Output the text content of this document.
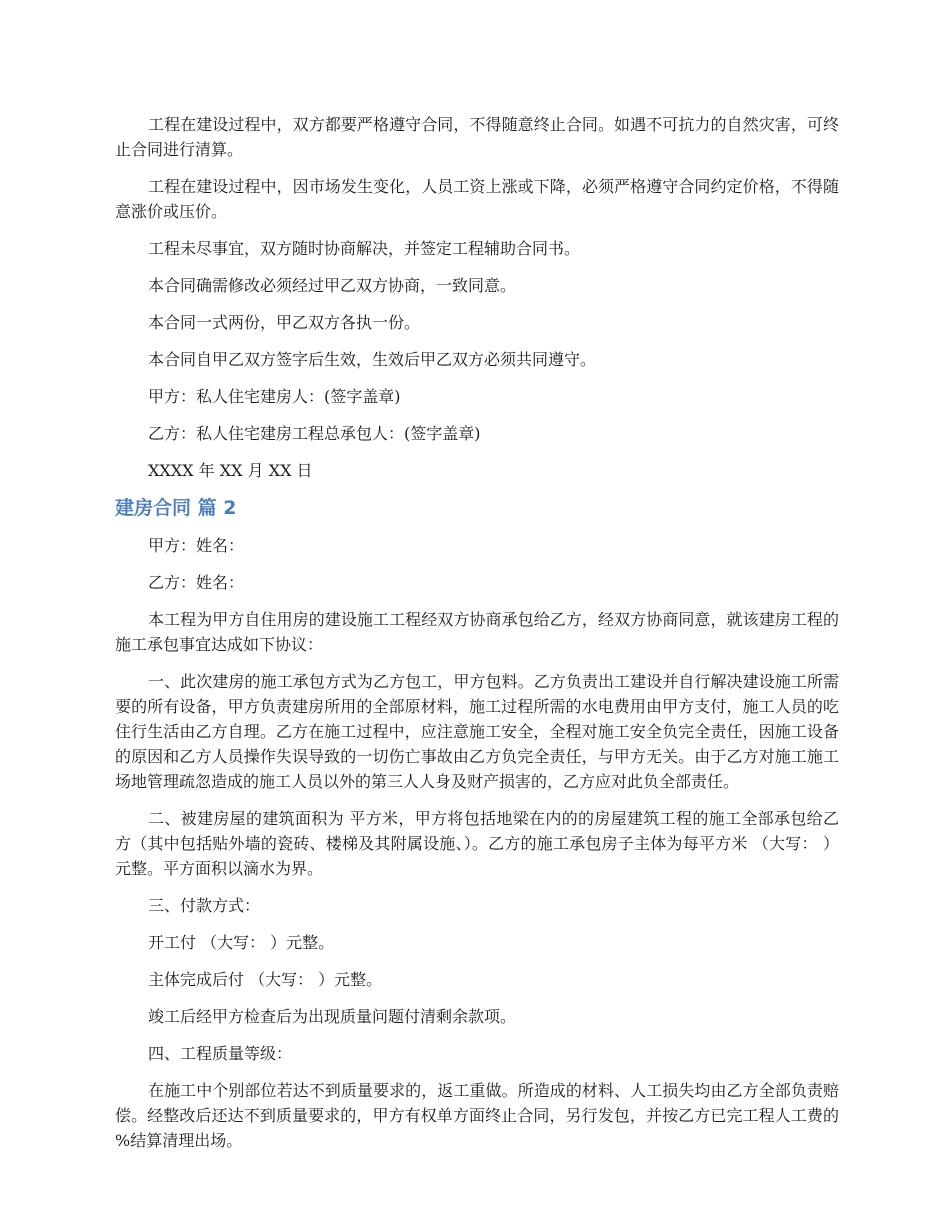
工程在建设过程中，双方都要严格遵守合同，不得随意终止合同。如遇不可抗力的自然灾害，可终止合同进行清算。

工程在建设过程中，因市场发生变化，人员工资上涨或下降，必须严格遵守合同约定价格，不得随意涨价或压价。

工程未尽事宜，双方随时协商解决，并签定工程辅助合同书。

本合同确需修改必须经过甲乙双方协商，一致同意。

本合同一式两份，甲乙双方各执一份。

本合同自甲乙双方签字后生效，生效后甲乙双方必须共同遵守。

甲方：私人住宅建房人：(签字盖章)

乙方：私人住宅建房工程总承包人：(签字盖章)

XXXX 年 XX 月 XX 日

建房合同 篇 2

甲方：姓名：

乙方：姓名：

本工程为甲方自住用房的建设施工工程经双方协商承包给乙方，经双方协商同意，就该建房工程的施工承包事宜达成如下协议：

一、此次建房的施工承包方式为乙方包工，甲方包料。乙方负责出工建设并自行解决建设施工所需要的所有设备，甲方负责建房所用的全部原材料，施工过程所需的水电费用由甲方支付，施工人员的吃住行生活由乙方自理。乙方在施工过程中，应注意施工安全，全程对施工安全负完全责任，因施工设备的原因和乙方人员操作失误导致的一切伤亡事故由乙方负完全责任，与甲方无关。由于乙方对施工施工场地管理疏忽造成的施工人员以外的第三人人身及财产损害的，乙方应对此负全部责任。

二、被建房屋的建筑面积为 平方米，甲方将包括地梁在内的的房屋建筑工程的施工全部承包给乙方（其中包括贴外墙的瓷砖、楼梯及其附属设施、）。乙方的施工承包房子主体为每平方米 （大写： ）元整。平方面积以滴水为界。

三、付款方式：

开工付 （大写： ）元整。

主体完成后付 （大写： ）元整。

竣工后经甲方检查后为出现质量问题付清剩余款项。

四、工程质量等级：

在施工中个别部位若达不到质量要求的，返工重做。所造成的材料、人工损失均由乙方全部负责赔偿。经整改后还达不到质量要求的，甲方有权单方面终止合同，另行发包，并按乙方已完工程人工费的 %结算清理出场。
